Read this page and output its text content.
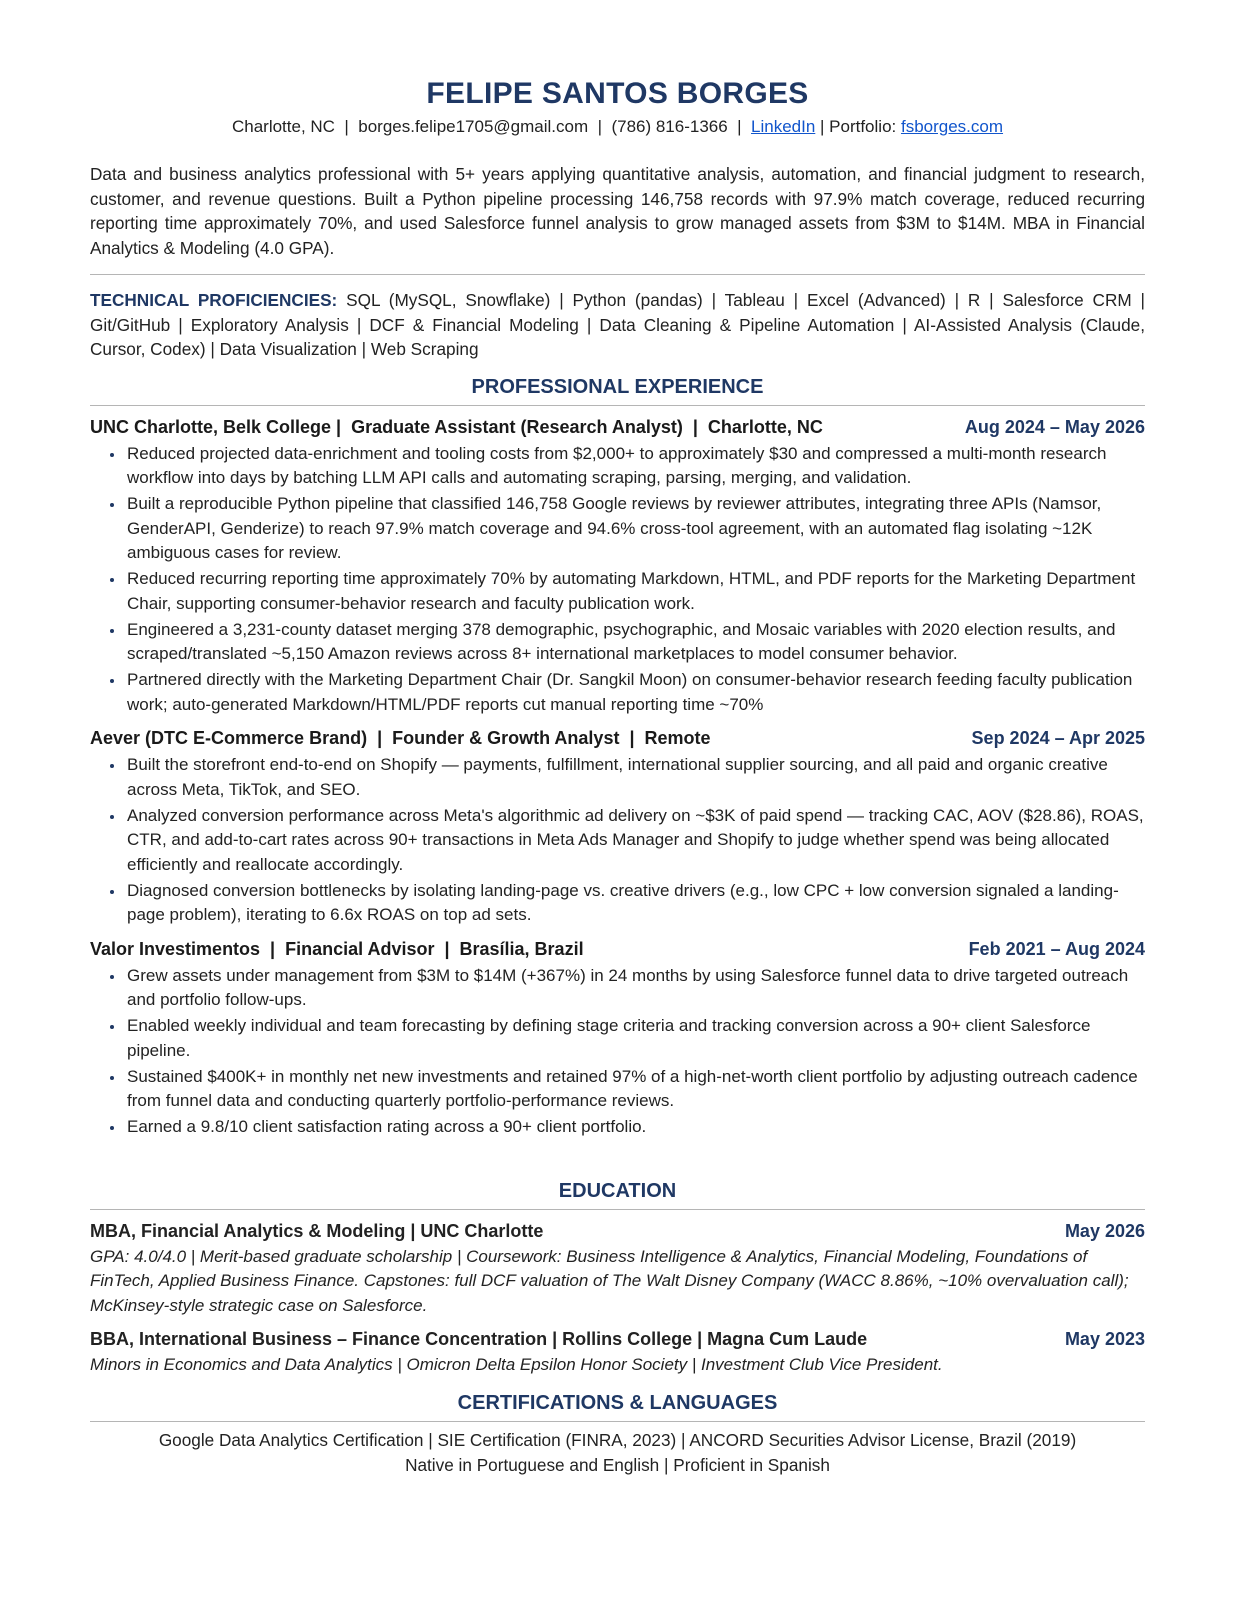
FELIPE SANTOS BORGES
Charlotte, NC  |  borges.felipe1705@gmail.com  |  (786) 816-1366  |  LinkedIn | Portfolio: fsborges.com
Data and business analytics professional with 5+ years applying quantitative analysis, automation, and financial judgment to research, customer, and revenue questions. Built a Python pipeline processing 146,758 records with 97.9% match coverage, reduced recurring reporting time approximately 70%, and used Salesforce funnel analysis to grow managed assets from $3M to $14M. MBA in Financial Analytics & Modeling (4.0 GPA).
TECHNICAL PROFICIENCIES: SQL (MySQL, Snowflake) | Python (pandas) | Tableau | Excel (Advanced) | R | Salesforce CRM | Git/GitHub | Exploratory Analysis | DCF & Financial Modeling | Data Cleaning & Pipeline Automation | AI-Assisted Analysis (Claude, Cursor, Codex) | Data Visualization | Web Scraping
PROFESSIONAL EXPERIENCE
UNC Charlotte, Belk College |  Graduate Assistant (Research Analyst)  |  Charlotte, NC	Aug 2024 – May 2026
• Reduced projected data-enrichment and tooling costs from $2,000+ to approximately $30 and compressed a multi-month research workflow into days by batching LLM API calls and automating scraping, parsing, merging, and validation.
• Built a reproducible Python pipeline that classified 146,758 Google reviews by reviewer attributes, integrating three APIs (Namsor, GenderAPI, Genderize) to reach 97.9% match coverage and 94.6% cross-tool agreement, with an automated flag isolating ~12K ambiguous cases for review.
• Reduced recurring reporting time approximately 70% by automating Markdown, HTML, and PDF reports for the Marketing Department Chair, supporting consumer-behavior research and faculty publication work.
• Engineered a 3,231-county dataset merging 378 demographic, psychographic, and Mosaic variables with 2020 election results, and scraped/translated ~5,150 Amazon reviews across 8+ international marketplaces to model consumer behavior.
• Partnered directly with the Marketing Department Chair (Dr. Sangkil Moon) on consumer-behavior research feeding faculty publication work; auto-generated Markdown/HTML/PDF reports cut manual reporting time ~70%
Aever (DTC E-Commerce Brand)  |  Founder & Growth Analyst  |  Remote	Sep 2024 – Apr 2025
• Built the storefront end-to-end on Shopify — payments, fulfillment, international supplier sourcing, and all paid and organic creative across Meta, TikTok, and SEO.
• Analyzed conversion performance across Meta's algorithmic ad delivery on ~$3K of paid spend — tracking CAC, AOV ($28.86), ROAS, CTR, and add-to-cart rates across 90+ transactions in Meta Ads Manager and Shopify to judge whether spend was being allocated efficiently and reallocate accordingly.
• Diagnosed conversion bottlenecks by isolating landing-page vs. creative drivers (e.g., low CPC + low conversion signaled a landing-page problem), iterating to 6.6x ROAS on top ad sets.
Valor Investimentos  |  Financial Advisor  |  Brasília, Brazil	Feb 2021 – Aug 2024
• Grew assets under management from $3M to $14M (+367%) in 24 months by using Salesforce funnel data to drive targeted outreach and portfolio follow-ups.
• Enabled weekly individual and team forecasting by defining stage criteria and tracking conversion across a 90+ client Salesforce pipeline.
• Sustained $400K+ in monthly net new investments and retained 97% of a high-net-worth client portfolio by adjusting outreach cadence from funnel data and conducting quarterly portfolio-performance reviews.
• Earned a 9.8/10 client satisfaction rating across a 90+ client portfolio.
EDUCATION
MBA, Financial Analytics & Modeling | UNC Charlotte	May 2026
GPA: 4.0/4.0 | Merit-based graduate scholarship | Coursework: Business Intelligence & Analytics, Financial Modeling, Foundations of FinTech, Applied Business Finance. Capstones: full DCF valuation of The Walt Disney Company (WACC 8.86%, ~10% overvaluation call); McKinsey-style strategic case on Salesforce.
BBA, International Business – Finance Concentration | Rollins College | Magna Cum Laude	May 2023
Minors in Economics and Data Analytics | Omicron Delta Epsilon Honor Society | Investment Club Vice President.
CERTIFICATIONS & LANGUAGES
Google Data Analytics Certification | SIE Certification (FINRA, 2023) | ANCORD Securities Advisor License, Brazil (2019)
Native in Portuguese and English | Proficient in Spanish
